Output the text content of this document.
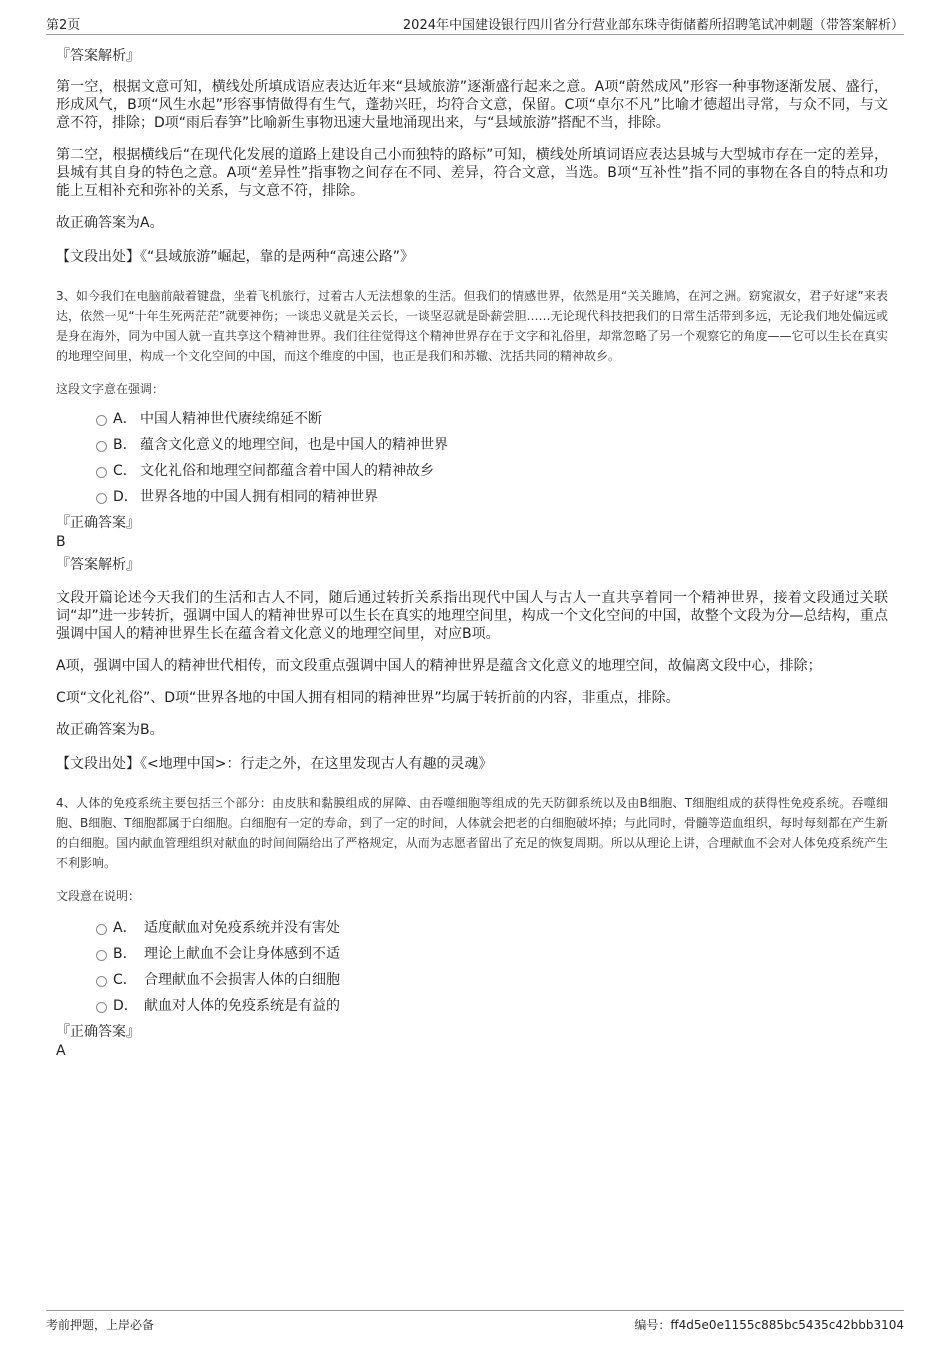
第2页	2024年中国建设银行四川省分行营业部东珠寺街储蓄所招聘笔试冲刺题（带答案解析）

『答案解析』

第一空，根据文意可知，横线处所填成语应表达近年来“县域旅游”逐渐盛行起来之意。A项“蔚然成风”形容一种事物逐渐发展、盛行，形成风气，B项“风生水起”形容事情做得有生气，蓬勃兴旺，均符合文意，保留。C项“卓尔不凡”比喻才德超出寻常，与众不同，与文意不符，排除；D项“雨后春笋”比喻新生事物迅速大量地涌现出来，与“县域旅游”搭配不当，排除。

第二空，根据横线后“在现代化发展的道路上建设自己小而独特的路标”可知，横线处所填词语应表达县城与大型城市存在一定的差异，县城有其自身的特色之意。A项“差异性”指事物之间存在不同、差异，符合文意，当选。B项“互补性”指不同的事物在各自的特点和功能上互相补充和弥补的关系，与文意不符，排除。

故正确答案为A。

【文段出处】《“县域旅游”崛起，靠的是两种“高速公路”》

3、如今我们在电脑前敲着键盘，坐着飞机旅行，过着古人无法想象的生活。但我们的情感世界，依然是用“关关雎鸠，在河之洲。窈窕淑女，君子好逑”来表达，依然一见“十年生死两茫茫”就要神伤；一谈忠义就是关云长，一谈坚忍就是卧薪尝胆……无论现代科技把我们的日常生活带到多远，无论我们地处偏远或是身在海外，同为中国人就一直共享这个精神世界。我们往往觉得这个精神世界存在于文字和礼俗里，却常忽略了另一个观察它的角度——它可以生长在真实的地理空间里，构成一个文化空间的中国，而这个维度的中国，也正是我们和苏辙、沈括共同的精神故乡。

这段文字意在强调：

A． 中国人精神世代赓续绵延不断
B． 蕴含文化意义的地理空间，也是中国人的精神世界
C． 文化礼俗和地理空间都蕴含着中国人的精神故乡
D． 世界各地的中国人拥有相同的精神世界

『正确答案』

B

『答案解析』

文段开篇论述今天我们的生活和古人不同，随后通过转折关系指出现代中国人与古人一直共享着同一个精神世界，接着文段通过关联词“却”进一步转折，强调中国人的精神世界可以生长在真实的地理空间里，构成一个文化空间的中国，故整个文段为分—总结构，重点强调中国人的精神世界生长在蕴含着文化意义的地理空间里，对应B项。

A项，强调中国人的精神世代相传，而文段重点强调中国人的精神世界是蕴含文化意义的地理空间，故偏离文段中心，排除；

C项“文化礼俗”、D项“世界各地的中国人拥有相同的精神世界”均属于转折前的内容，非重点，排除。

故正确答案为B。

【文段出处】《<地理中国>：行走之外，在这里发现古人有趣的灵魂》

4、人体的免疫系统主要包括三个部分：由皮肤和黏膜组成的屏障、由吞噬细胞等组成的先天防御系统以及由B细胞、T细胞组成的获得性免疫系统。吞噬细胞、B细胞、T细胞都属于白细胞。白细胞有一定的寿命，到了一定的时间，人体就会把老的白细胞破坏掉；与此同时，骨髓等造血组织，每时每刻都在产生新的白细胞。国内献血管理组织对献血的时间间隔给出了严格规定，从而为志愿者留出了充足的恢复周期。所以从理论上讲，合理献血不会对人体免疫系统产生不利影响。

文段意在说明：

A． 适度献血对免疫系统并没有害处
B． 理论上献血不会让身体感到不适
C． 合理献血不会损害人体的白细胞
D． 献血对人体的免疫系统是有益的

『正确答案』

A

考前押题，上岸必备	编号：ff4d5e0e1155c885bc5435c42bbb3104
